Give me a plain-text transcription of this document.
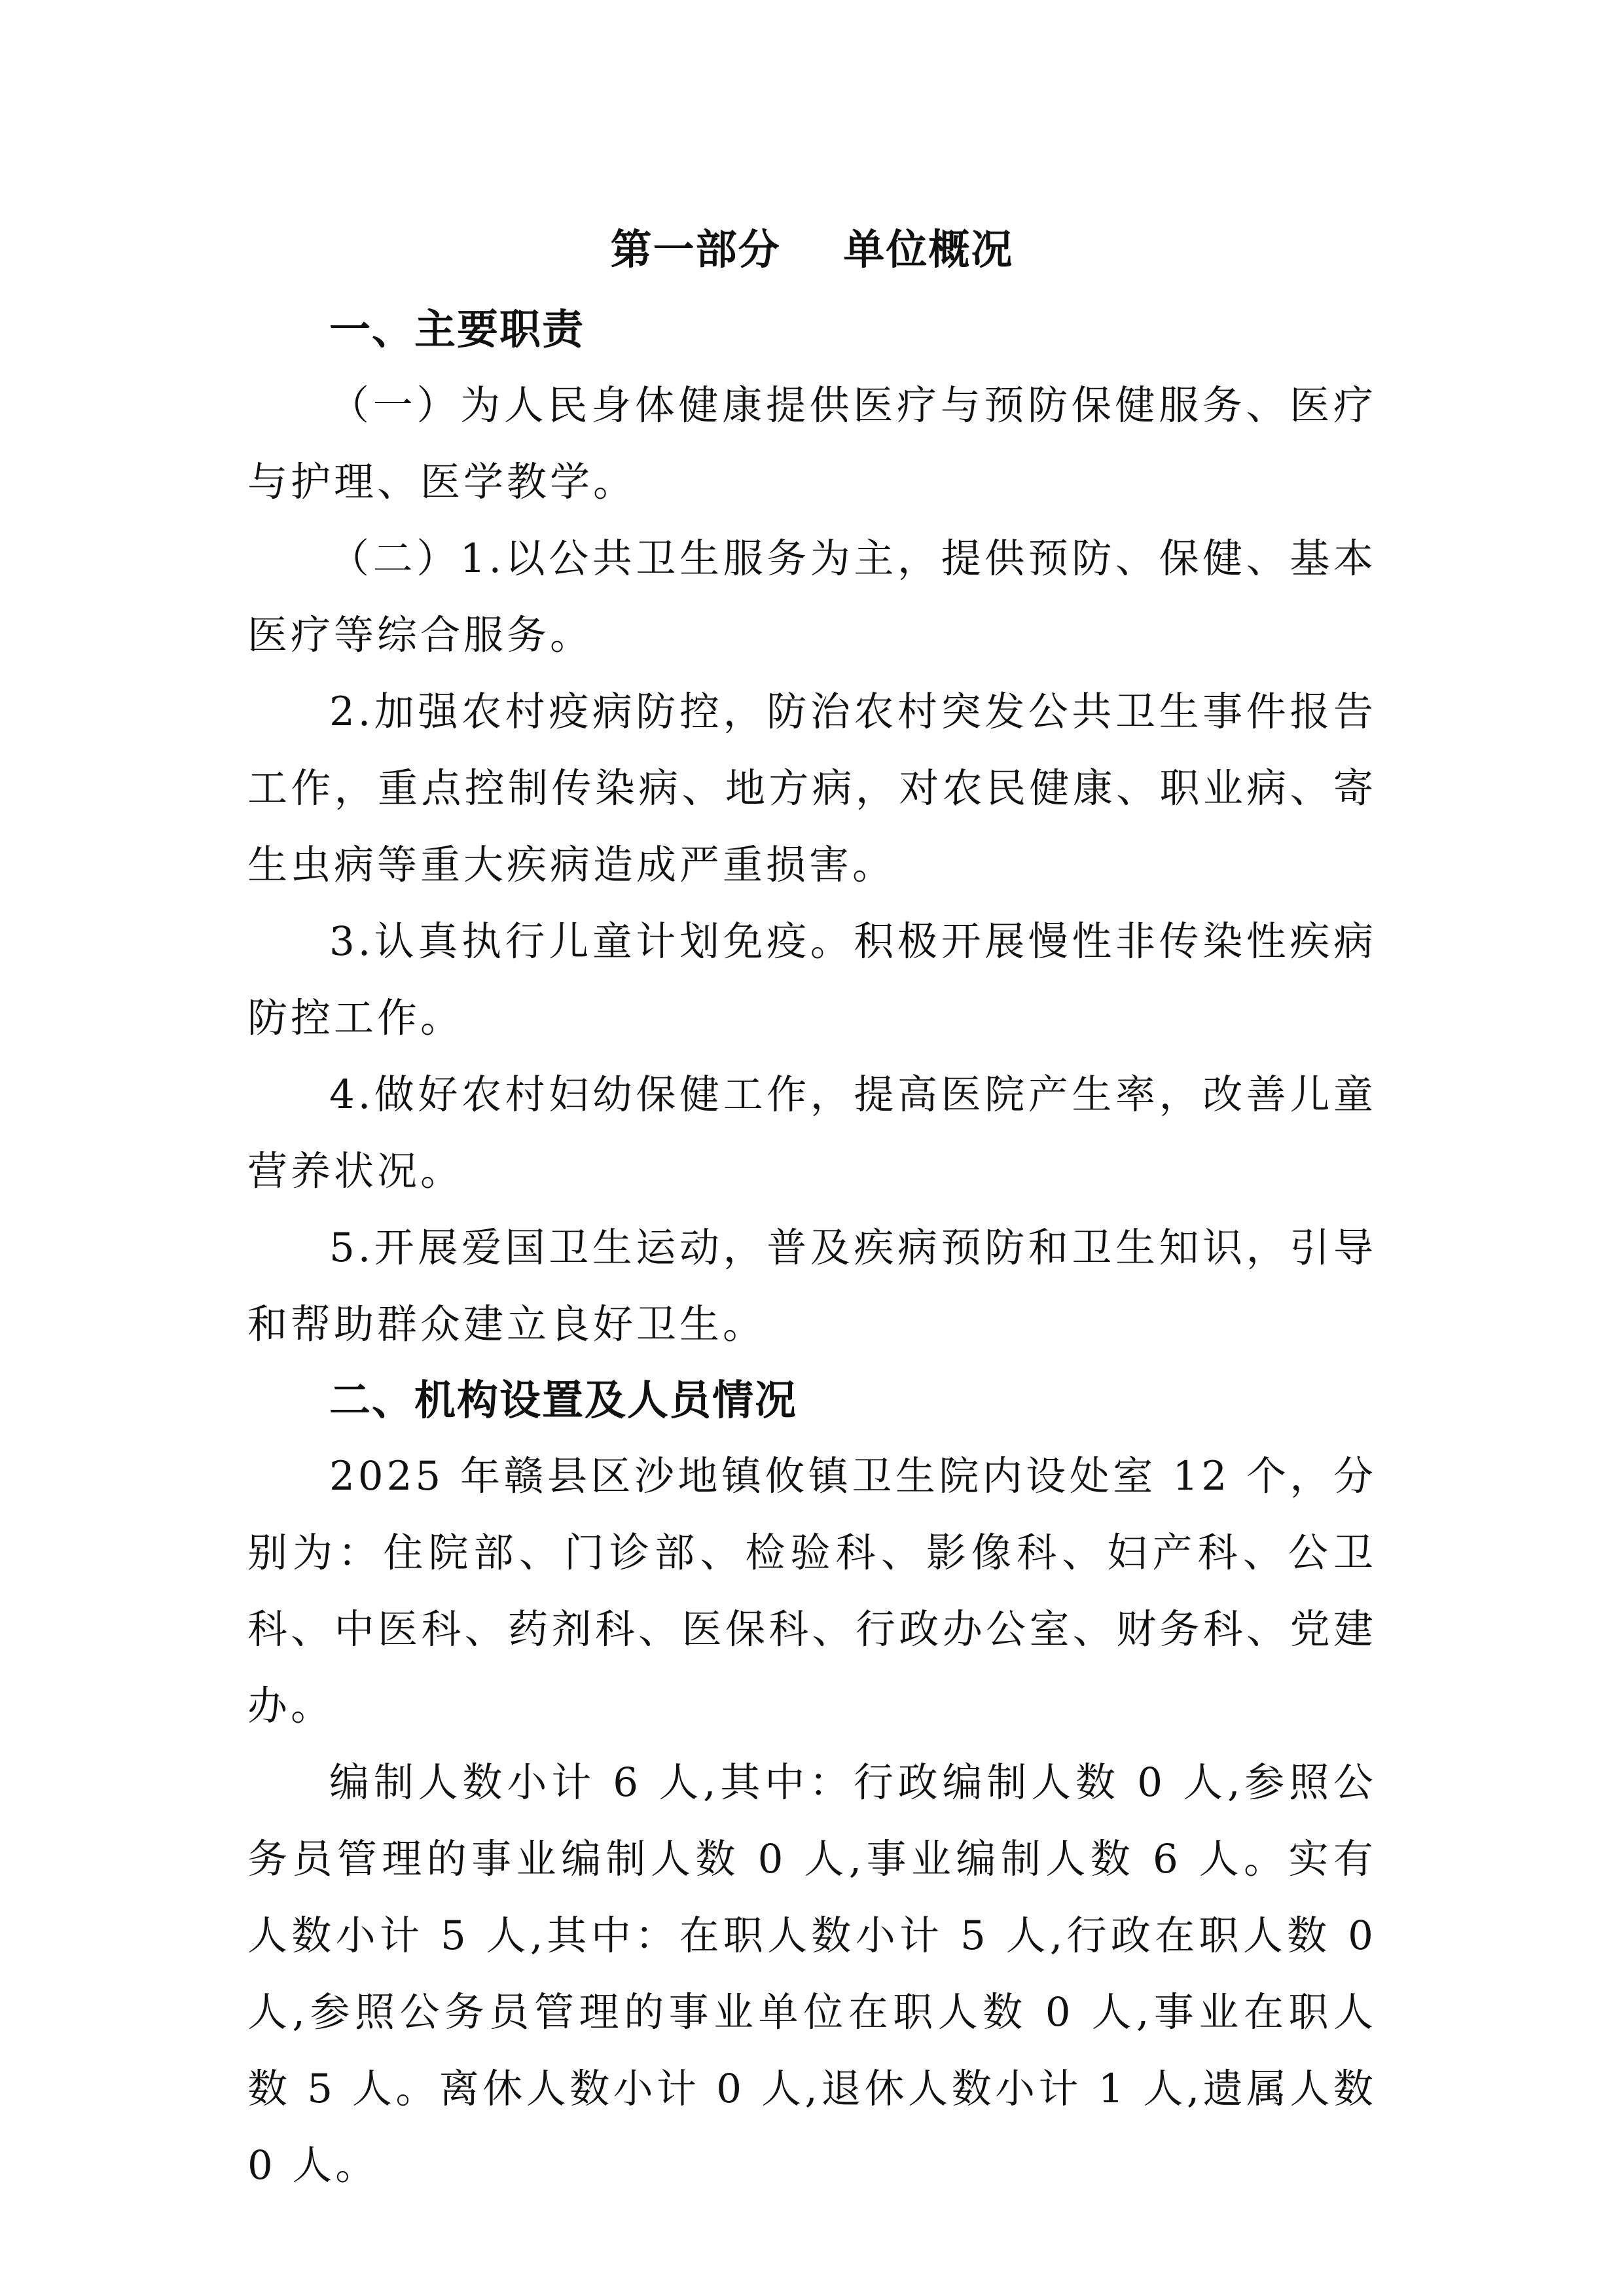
第一部分    单位概况
一、主要职责

（一）为人民身体健康提供医疗与预防保健服务、医疗与护理、医学教学。

（二）1.以公共卫生服务为主，提供预防、保健、基本医疗等综合服务。

2.加强农村疫病防控，防治农村突发公共卫生事件报告工作，重点控制传染病、地方病，对农民健康、职业病、寄生虫病等重大疾病造成严重损害。

3.认真执行儿童计划免疫。积极开展慢性非传染性疾病防控工作。

4.做好农村妇幼保健工作，提高医院产生率，改善儿童营养状况。

5.开展爱国卫生运动，普及疾病预防和卫生知识，引导和帮助群众建立良好卫生。

二、机构设置及人员情况

2025 年赣县区沙地镇攸镇卫生院内设处室 12 个，分别为：住院部、门诊部、检验科、影像科、妇产科、公卫科、中医科、药剂科、医保科、行政办公室、财务科、党建办。

编制人数小计 6 人,其中：行政编制人数 0 人,参照公务员管理的事业编制人数 0 人,事业编制人数 6 人。实有人数小计 5 人,其中：在职人数小计 5 人,行政在职人数 0 人,参照公务员管理的事业单位在职人数 0 人,事业在职人数 5 人。离休人数小计 0 人,退休人数小计 1 人,遗属人数 0 人。
